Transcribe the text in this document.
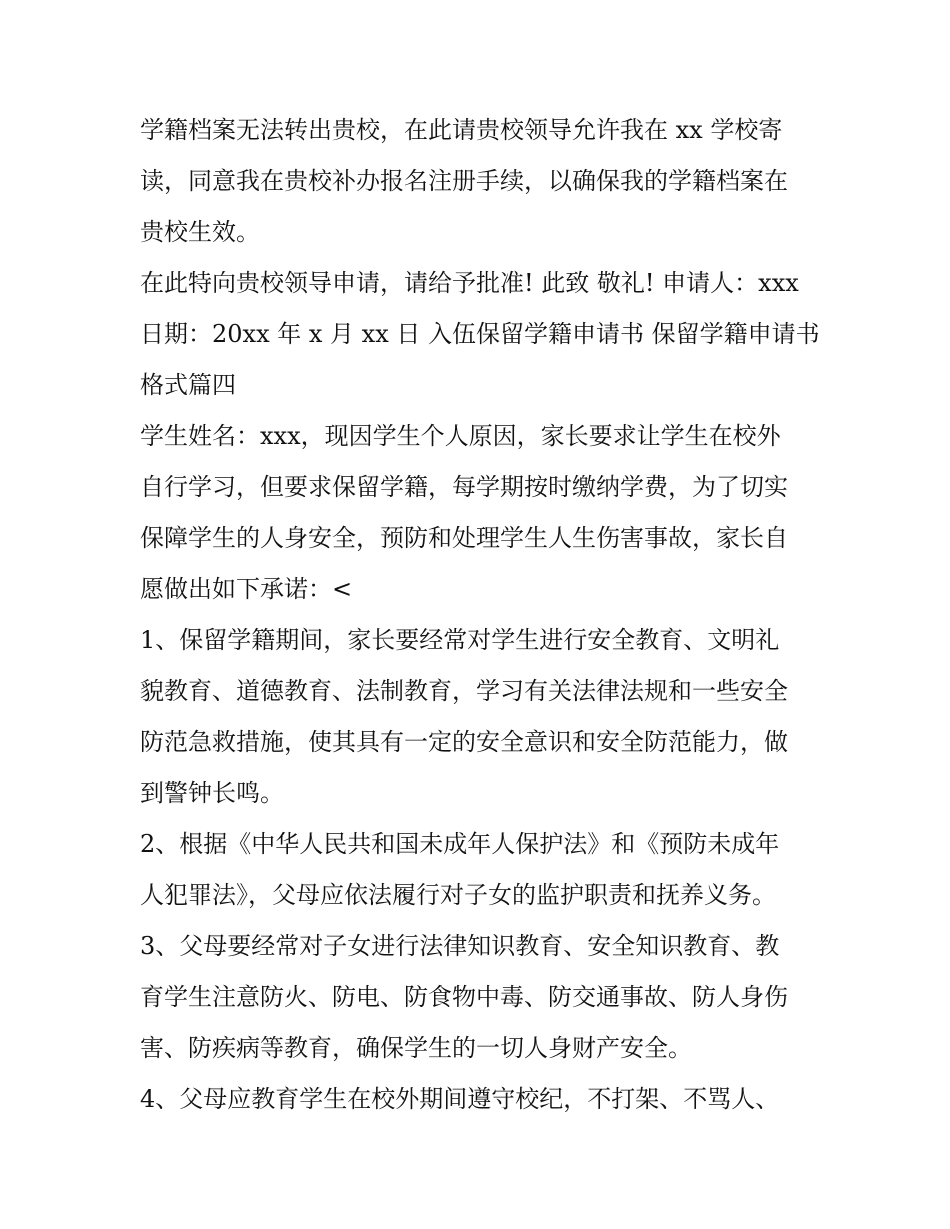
学籍档案无法转出贵校，在此请贵校领导允许我在 xx 学校寄
读，同意我在贵校补办报名注册手续，以确保我的学籍档案在
贵校生效。
在此特向贵校领导申请，请给予批准! 此致 敬礼! 申请人：xxx
日期：20xx 年 x 月 xx 日 入伍保留学籍申请书 保留学籍申请书
格式篇四
学生姓名：xxx，现因学生个人原因，家长要求让学生在校外
自行学习，但要求保留学籍，每学期按时缴纳学费，为了切实
保障学生的人身安全，预防和处理学生人生伤害事故，家长自
愿做出如下承诺：<
1、保留学籍期间，家长要经常对学生进行安全教育、文明礼
貌教育、道德教育、法制教育，学习有关法律法规和一些安全
防范急救措施，使其具有一定的安全意识和安全防范能力，做
到警钟长鸣。
2、根据《中华人民共和国未成年人保护法》和《预防未成年
人犯罪法》，父母应依法履行对子女的监护职责和抚养义务。
3、父母要经常对子女进行法律知识教育、安全知识教育、教
育学生注意防火、防电、防食物中毒、防交通事故、防人身伤
害、防疾病等教育，确保学生的一切人身财产安全。
4、父母应教育学生在校外期间遵守校纪，不打架、不骂人、
